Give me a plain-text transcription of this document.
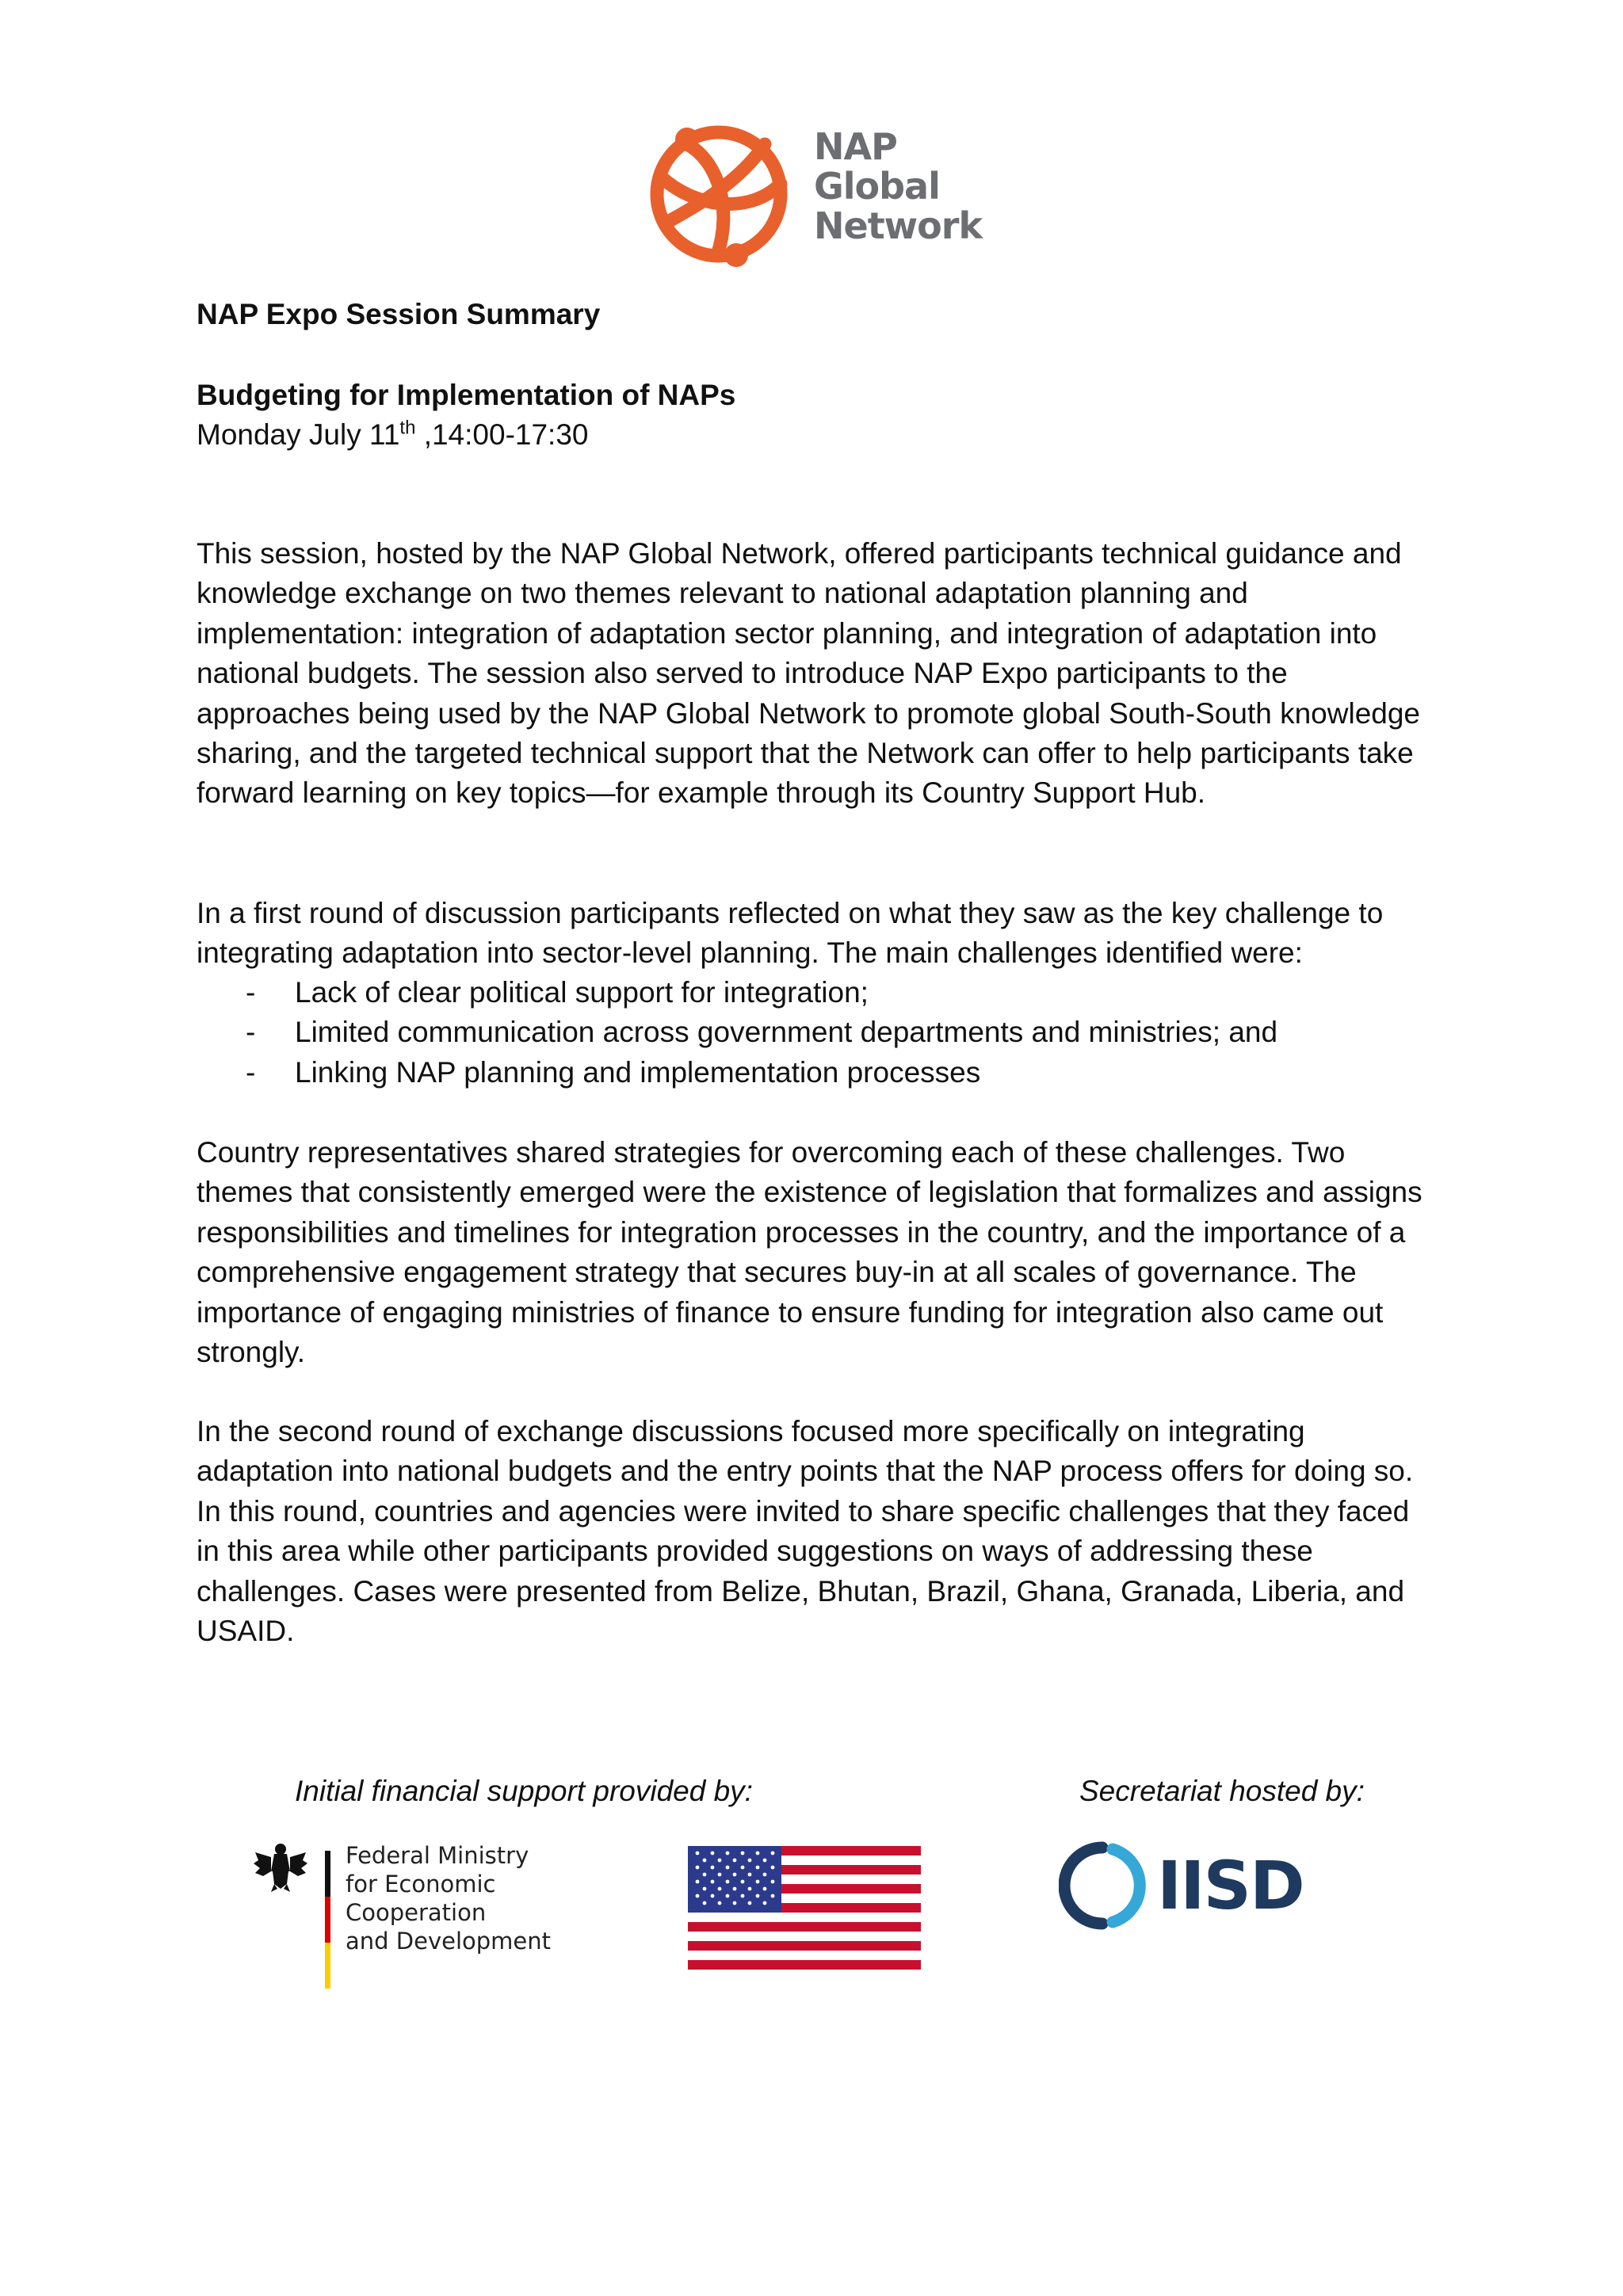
NAP
Global
Network
NAP Expo Session Summary
Budgeting for Implementation of NAPs
Monday July 11th ,14:00-17:30

This session, hosted by the NAP Global Network, offered participants technical guidance and knowledge exchange on two themes relevant to national adaptation planning and implementation: integration of adaptation sector planning, and integration of adaptation into national budgets. The session also served to introduce NAP Expo participants to the approaches being used by the NAP Global Network to promote global South-South knowledge sharing, and the targeted technical support that the Network can offer to help participants take forward learning on key topics—for example through its Country Support Hub.

In a first round of discussion participants reflected on what they saw as the key challenge to integrating adaptation into sector-level planning. The main challenges identified were:

- Lack of clear political support for integration;
- Limited communication across government departments and ministries; and
- Linking NAP planning and implementation processes

Country representatives shared strategies for overcoming each of these challenges. Two themes that consistently emerged were the existence of legislation that formalizes and assigns responsibilities and timelines for integration processes in the country, and the importance of a comprehensive engagement strategy that secures buy-in at all scales of governance. The importance of engaging ministries of finance to ensure funding for integration also came out strongly.

In the second round of exchange discussions focused more specifically on integrating adaptation into national budgets and the entry points that the NAP process offers for doing so. In this round, countries and agencies were invited to share specific challenges that they faced in this area while other participants provided suggestions on ways of addressing these challenges. Cases were presented from Belize, Bhutan, Brazil, Ghana, Granada, Liberia, and USAID.

Initial financial support provided by:	Secretariat hosted by:
Federal Ministry
for Economic Cooperation
and Development
IISD
